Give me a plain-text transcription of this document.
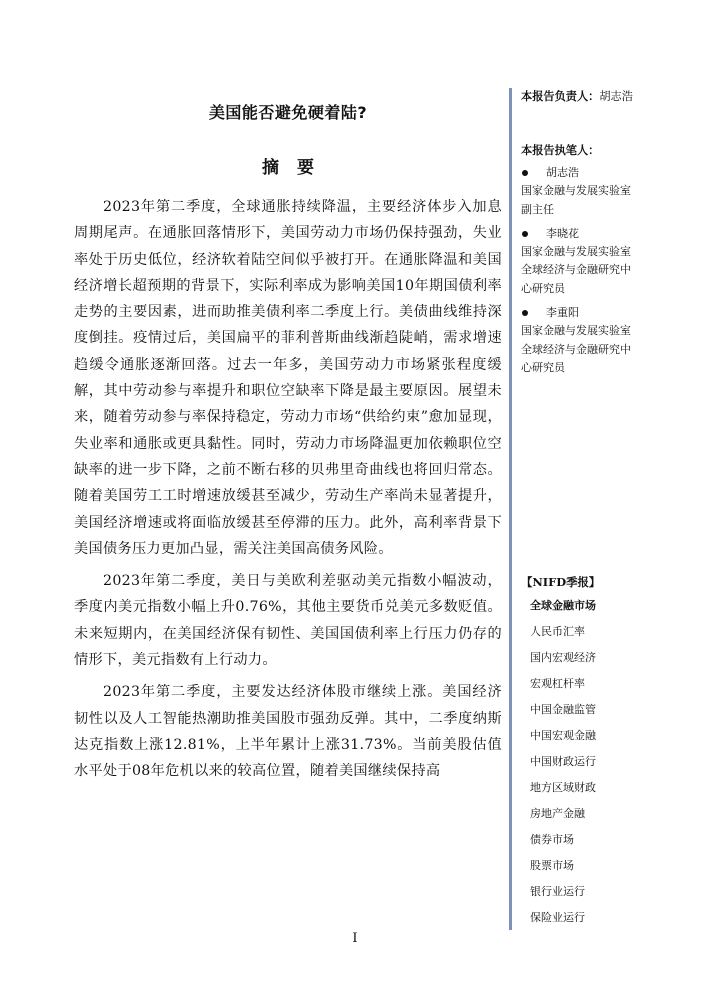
美国能否避免硬着陆?
摘要

2023年第二季度，全球通胀持续降温，主要经济体步入加息周期尾声。在通胀回落情形下，美国劳动力市场仍保持强劲，失业率处于历史低位，经济软着陆空间似乎被打开。在通胀降温和美国经济增长超预期的背景下，实际利率成为影响美国10年期国债利率走势的主要因素，进而助推美债利率二季度上行。美债曲线维持深度倒挂。疫情过后，美国扁平的菲利普斯曲线渐趋陡峭，需求增速趋缓令通胀逐渐回落。过去一年多，美国劳动力市场紧张程度缓解，其中劳动参与率提升和职位空缺率下降是最主要原因。展望未来，随着劳动参与率保持稳定，劳动力市场“供给约束”愈加显现，失业率和通胀或更具黏性。同时，劳动力市场降温更加依赖职位空缺率的进一步下降，之前不断右移的贝弗里奇曲线也将回归常态。随着美国劳工工时增速放缓甚至减少，劳动生产率尚未显著提升，美国经济增速或将面临放缓甚至停滞的压力。此外，高利率背景下美国债务压力更加凸显，需关注美国高债务风险。

2023年第二季度，美日与美欧利差驱动美元指数小幅波动，季度内美元指数小幅上升0.76%，其他主要货币兑美元多数贬值。未来短期内，在美国经济保有韧性、美国国债利率上行压力仍存的情形下，美元指数有上行动力。

2023年第二季度，主要发达经济体股市继续上涨。美国经济韧性以及人工智能热潮助推美国股市强劲反弹。其中，二季度纳斯达克指数上涨12.81%，上半年累计上涨31.73%。当前美股估值水平处于08年危机以来的较高位置，随着美国继续保持高

本报告负责人：胡志浩

本报告执笔人：

胡志浩
国家金融与发展实验室
副主任
李晓花
国家金融与发展实验室
全球经济与金融研究中
心研究员
李重阳
国家金融与发展实验室
全球经济与金融研究中
心研究员
【NIFD季报】
全球金融市场
人民币汇率
国内宏观经济
宏观杠杆率
中国金融监管
中国宏观金融
中国财政运行
地方区域财政
房地产金融
债券市场
股票市场
银行业运行
保险业运行
I
